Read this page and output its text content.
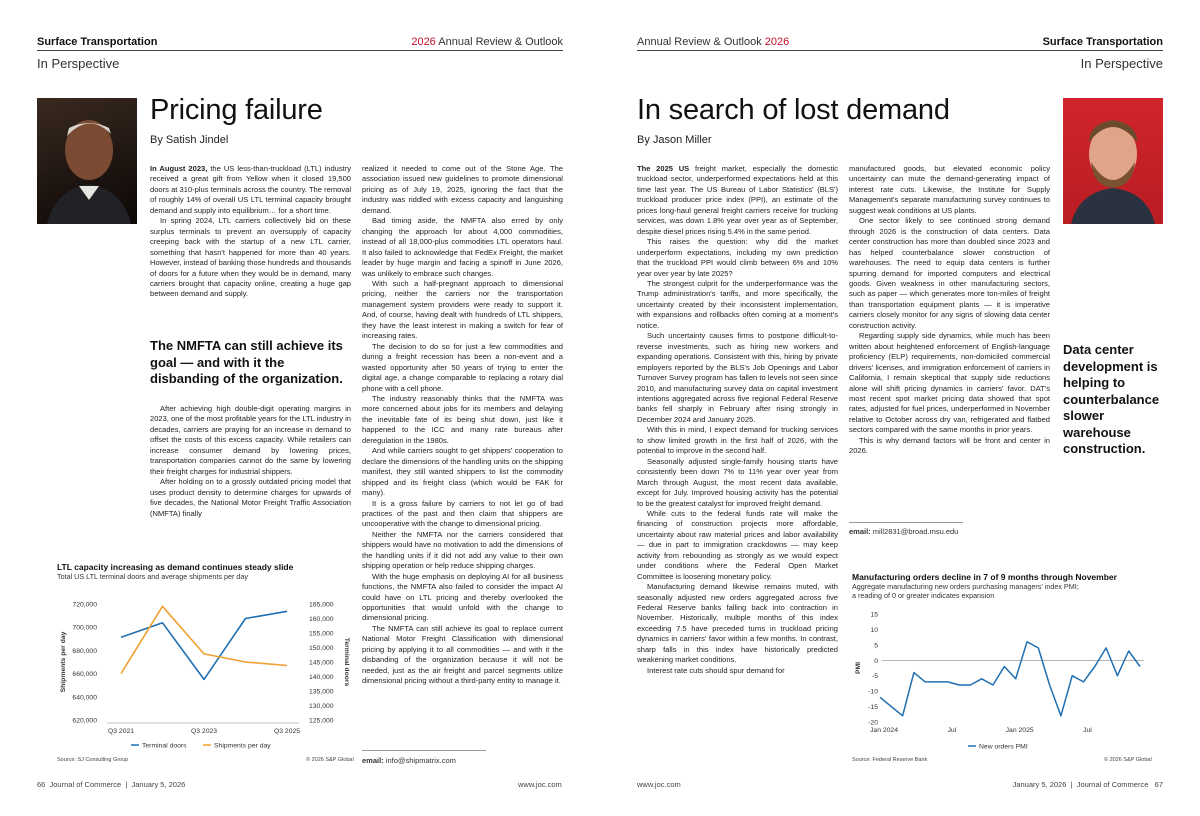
Surface Transportation	2026 Annual Review & Outlook
In Perspective
Pricing failure
By Satish Jindel

In August 2023, the US less-than-truckload (LTL) industry received a great gift from Yellow when it closed 19,500 doors at 310-plus terminals across the country. The removal of roughly 14% of overall US LTL terminal capacity brought demand and supply into equilibrium… for a short time.

In spring 2024, LTL carriers collectively bid on these surplus terminals to prevent an oversupply of capacity creeping back with the startup of a new LTL carrier, something that hasn't happened for more than 40 years. However, instead of banking those hundreds and thousands of doors for a future when they would be in demand, many carriers brought that capacity online, creating a huge gap between demand and supply.

The NMFTA can still achieve its goal — and with it the disbanding of the organization.

After achieving high double-digit operating margins in 2023, one of the most profitable years for the LTL industry in decades, carriers are praying for an increase in demand to offset the costs of this excess capacity. While retailers can increase consumer demand by lowering prices, transportation companies cannot do the same by lowering their freight charges for industrial shippers.

After holding on to a grossly outdated pricing model that uses product density to determine charges for upwards of five decades, the National Motor Freight Traffic Association (NMFTA) finally

realized it needed to come out of the Stone Age. The association issued new guidelines to promote dimensional pricing as of July 19, 2025, ignoring the fact that the industry was riddled with excess capacity and languishing demand.

Bad timing aside, the NMFTA also erred by only changing the approach for about 4,000 commodities, instead of all 18,000-plus commodities LTL operators haul. It also failed to acknowledge that FedEx Freight, the market leader by huge margin and facing a spinoff in June 2026, was unlikely to embrace such changes.

With such a half-pregnant approach to dimensional pricing, neither the carriers nor the transportation management system providers were ready to support it. And, of course, having dealt with hundreds of LTL shippers, they have the least interest in making a switch for fear of increasing rates.

The decision to do so for just a few commodities and during a freight recession has been a non-event and a wasted opportunity after 50 years of trying to enter the digital age, a change comparable to replacing a rotary dial phone with a cell phone.

The industry reasonably thinks that the NMFTA was more concerned about jobs for its members and delaying the inevitable fate of its being shut down, just like it happened to the ICC and many rate bureaus after deregulation in the 1980s.

And while carriers sought to get shippers' cooperation to declare the dimensions of the handling units on the shipping manifest, they still wanted shippers to list the commodity shipped and its freight class (which would be FAK for many).

It is a gross failure by carriers to not let go of bad practices of the past and then claim that shippers are uncooperative with the change to dimensional pricing.

Neither the NMFTA nor the carriers considered that shippers would have no motivation to add the dimensions of the handling units if it did not add any value to their own shipping operation or help reduce shipping charges.

With the huge emphasis on deploying AI for all business functions, the NMFTA also failed to consider the impact AI could have on LTL pricing and thereby overlooked the opportunities that would unfold with the change to dimensional pricing.

The NMFTA can still achieve its goal to replace current National Motor Freight Classification with dimensional pricing by applying it to all commodities — and with it the disbanding of the organization because it will not be needed, just as the air freight and parcel segments utilize dimensional pricing without a third-party entity to manage it.

email: info@shipmatrix.com
LTL capacity increasing as demand continues steady slide
Total US LTL terminal doors and average shipments per day
720,000
700,000
680,000
660,000
640,000
620,000
165,000
160,000
155,000
150,000
145,000
140,000
135,000
130,000
125,000
Q3 2021	Q3 2023	Q3 2025
Shipments per day	Terminal doors
Terminal doors	Shipments per day
Source: SJ Consulting Group	© 2026 S&P Global
66 Journal of Commerce  |  January 5, 2026	www.joc.com
Annual Review & Outlook 2026	Surface Transportation
In Perspective
In search of lost demand
By Jason Miller

The 2025 US freight market, especially the domestic truckload sector, underperformed expectations held at this time last year. The US Bureau of Labor Statistics' (BLS') truckload producer price index (PPI), an estimate of the prices long-haul general freight carriers receive for trucking services, was down 1.8% year over year as of September, despite diesel prices rising 5.4% in the same period.

This raises the question: why did the market underperform expectations, including my own prediction that the truckload PPI would climb between 6% and 10% year over year by late 2025?

The strongest culprit for the underperformance was the Trump administration's tariffs, and more specifically, the uncertainty created by their inconsistent implementation, with expansions and rollbacks often coming at a moment's notice.

Such uncertainty causes firms to postpone difficult-to-reverse investments, such as hiring new workers and expanding operations. Consistent with this, hiring by private employers reported by the BLS's Job Openings and Labor Turnover Survey program has fallen to levels not seen since 2010, and manufacturing survey data on capital investment intentions aggregated across five regional Federal Reserve banks fell sharply in February after rising strongly in December 2024 and January 2025.

With this in mind, I expect demand for trucking services to show limited growth in the first half of 2026, with the potential to improve in the second half.

Seasonally adjusted single-family housing starts have consistently been down 7% to 11% year over year from March through August, the most recent data available, except for July. Improved housing activity has the potential to be the greatest catalyst for improved freight demand.

While cuts to the federal funds rate will make the financing of construction projects more affordable, uncertainty about raw material prices and labor availability — due in part to immigration crackdowns — may keep activity from rebounding as strongly as we would expect under conditions where the Federal Open Market Committee is loosening monetary policy.

Manufacturing demand likewise remains muted, with seasonally adjusted new orders aggregated across five Federal Reserve banks falling back into contraction in November. Historically, multiple months of this index exceeding 7.5 have preceded turns in truckload pricing dynamics in carriers' favor within a few months. In contrast, sharp falls in this index have historically predicted weakening market conditions.

Interest rate cuts should spur demand for

manufactured goods, but elevated economic policy uncertainty can mute the demand-generating impact of interest rate cuts. Likewise, the Institute for Supply Management's separate manufacturing survey continues to suggest weak conditions at US plants.

One sector likely to see continued strong demand through 2026 is the construction of data centers. Data center construction has more than doubled since 2023 and has helped counterbalance slower construction of warehouses. The need to equip data centers is further spurring demand for imported computers and electrical goods. Given weakness in other manufacturing sectors, such as paper — which generates more ton-miles of freight than transportation equipment plants — it is imperative carriers closely monitor for any signs of slowing data center construction activity.

Regarding supply side dynamics, while much has been written about heightened enforcement of English-language proficiency (ELP) requirements, non-domiciled commercial drivers' licenses, and immigration enforcement of carriers in California, I remain skeptical that supply side reductions alone will shift pricing dynamics in carriers' favor. DAT's most recent spot market pricing data showed that spot rates, adjusted for fuel prices, underperformed in November relative to October across dry van, refrigerated and flatbed sectors compared with the same months in prior years.

This is why demand factors will be front and center in 2026.

email: mill2831@broad.msu.edu
Data center development is helping to counterbalance slower warehouse construction.
Manufacturing orders decline in 7 of 9 months through November
Aggregate manufacturing new orders purchasing managers' index PMI;
a reading of 0 or greater indicates expansion
15
10
5
0
-5
-10
-15
-20
PMI
Jan 2024	Jul	Jan 2025	Jul
New orders PMI
Source: Federal Reserve Bank	© 2026 S&P Global
www.joc.com	January 5, 2026  |  Journal of Commerce 67
